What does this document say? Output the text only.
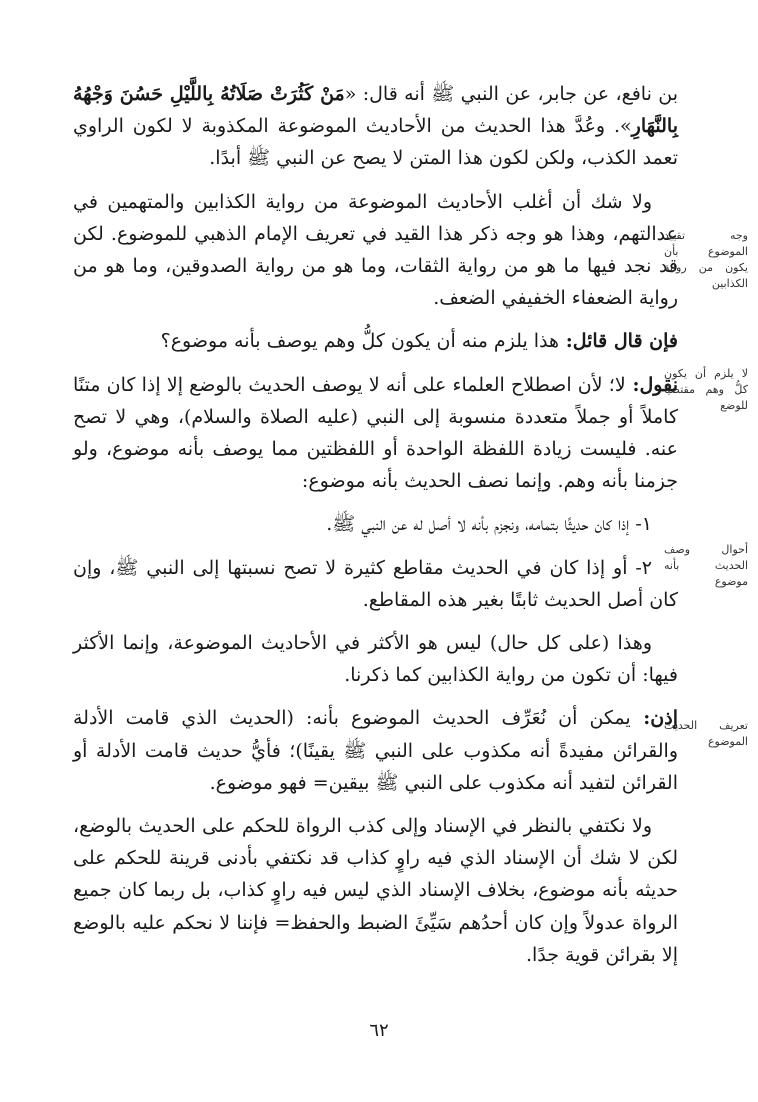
بن نافع، عن جابر، عن النبي ﷺ أنه قال: «مَنْ كَثُرَتْ صَلَاتُهُ بِاللَّيْلِ حَسُنَ وَجْهُهُ بِالنَّهَارِ». وعُدَّ هذا الحديث من الأحاديث الموضوعة المكذوبة لا لكون الراوي تعمد الكذب، ولكن لكون هذا المتن لا يصح عن النبي ﷺ أبدًا.

ولا شك أن أغلب الأحاديث الموضوعة من رواية الكذابين والمتهمين في عدالتهم، وهذا هو وجه ذكر هذا القيد في تعريف الإمام الذهبي للموضوع. لكن قد نجد فيها ما هو من رواية الثقات، وما هو من رواية الصدوقين، وما هو من رواية الضعفاء الخفيفي الضعف.

فإن قال قائل: هذا يلزم منه أن يكون كلُّ وهم يوصف بأنه موضوع؟

نقول: لا؛ لأن اصطلاح العلماء على أنه لا يوصف الحديث بالوضع إلا إذا كان متنًا كاملاً أو جملاً متعددة منسوبة إلى النبي (عليه الصلاة والسلام)، وهي لا تصح عنه. فليست زيادة اللفظة الواحدة أو اللفظتين مما يوصف بأنه موضوع، ولو جزمنا بأنه وهم. وإنما نصف الحديث بأنه موضوع:

١- إذا كان حديثًا بتمامه، ونجزم بأنه لا أصل له عن النبي ﷺ.

٢- أو إذا كان في الحديث مقاطع كثيرة لا تصح نسبتها إلى النبي ﷺ، وإن كان أصل الحديث ثابتًا بغير هذه المقاطع.

وهذا (على كل حال) ليس هو الأكثر في الأحاديث الموضوعة، وإنما الأكثر فيها: أن تكون من رواية الكذابين كما ذكرنا.

إذن: يمكن أن نُعَرِّف الحديث الموضوع بأنه: (الحديث الذي قامت الأدلة والقرائن مفيدةً أنه مكذوب على النبي ﷺ يقينًا)؛ فأيُّ حديث قامت الأدلة أو القرائن لتفيد أنه مكذوب على النبي ﷺ بيقين= فهو موضوع.

ولا نكتفي بالنظر في الإسناد وإلى كذب الرواة للحكم على الحديث بالوضع، لكن لا شك أن الإسناد الذي فيه راوٍ كذاب قد نكتفي بأدنى قرينة للحكم على حديثه بأنه موضوع، بخلاف الإسناد الذي ليس فيه راوٍ كذاب، بل ربما كان جميع الرواة عدولاً وإن كان أحدُهم سَيِّئَ الضبط والحفظ= فإننا لا نحكم عليه بالوضع إلا بقرائن قوية جدًا.

وجه تقييد الموضوع بأن يكون من رواية الكذابين
لا يلزم أن يكون كلُّ وهم مقتضيًا للوضع
أحوال وصف الحديث بأنه موضوع
تعريف الحديث الموضوع
٦٢
